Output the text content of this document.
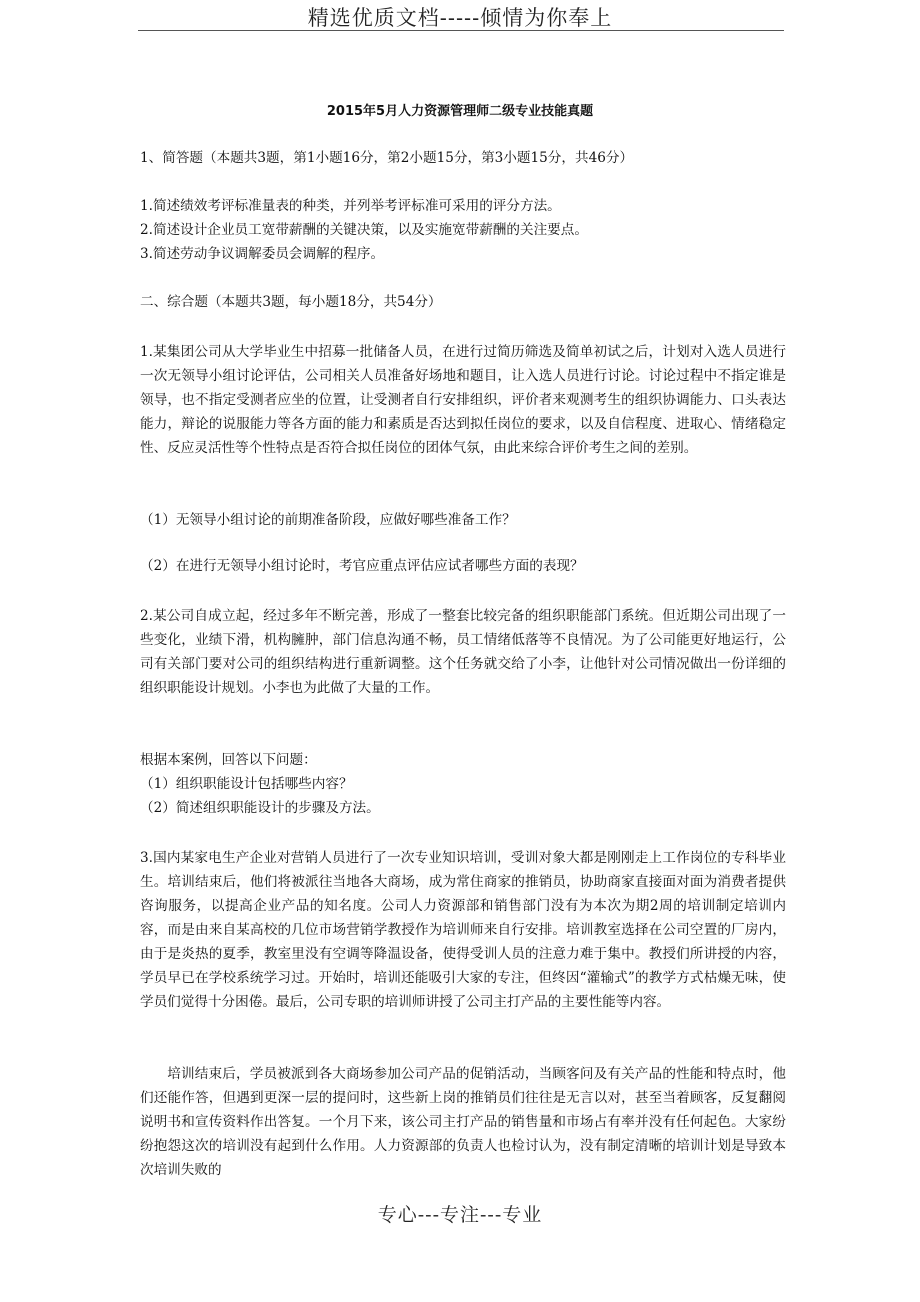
精选优质文档-----倾情为你奉上
2015年5月人力资源管理师二级专业技能真题

1、简答题（本题共3题，第1小题16分，第2小题15分，第3小题15分，共46分）

1.简述绩效考评标准量表的种类，并列举考评标准可采用的评分方法。

2.简述设计企业员工宽带薪酬的关键决策，以及实施宽带薪酬的关注要点。

3.简述劳动争议调解委员会调解的程序。

二、综合题（本题共3题，每小题18分，共54分）

1.某集团公司从大学毕业生中招募一批储备人员，在进行过简历筛选及简单初试之后，计划对入选人员进行一次无领导小组讨论评估，公司相关人员准备好场地和题目，让入选人员进行讨论。讨论过程中不指定谁是领导，也不指定受测者应坐的位置，让受测者自行安排组织，评价者来观测考生的组织协调能力、口头表达能力，辩论的说服能力等各方面的能力和素质是否达到拟任岗位的要求，以及自信程度、进取心、情绪稳定性、反应灵活性等个性特点是否符合拟任岗位的团体气氛，由此来综合评价考生之间的差别。

（1）无领导小组讨论的前期准备阶段，应做好哪些准备工作？

（2）在进行无领导小组讨论时，考官应重点评估应试者哪些方面的表现？

2.某公司自成立起，经过多年不断完善，形成了一整套比较完备的组织职能部门系统。但近期公司出现了一些变化，业绩下滑，机构臃肿，部门信息沟通不畅，员工情绪低落等不良情况。为了公司能更好地运行，公司有关部门要对公司的组织结构进行重新调整。这个任务就交给了小李，让他针对公司情况做出一份详细的组织职能设计规划。小李也为此做了大量的工作。

根据本案例，回答以下问题：

（1）组织职能设计包括哪些内容？

（2）简述组织职能设计的步骤及方法。

3.国内某家电生产企业对营销人员进行了一次专业知识培训，受训对象大都是刚刚走上工作岗位的专科毕业生。培训结束后，他们将被派往当地各大商场，成为常住商家的推销员，协助商家直接面对面为消费者提供咨询服务，以提高企业产品的知名度。公司人力资源部和销售部门没有为本次为期2周的培训制定培训内容，而是由来自某高校的几位市场营销学教授作为培训师来自行安排。培训教室选择在公司空置的厂房内，由于是炎热的夏季，教室里没有空调等降温设备，使得受训人员的注意力难于集中。教授们所讲授的内容，学员早已在学校系统学习过。开始时，培训还能吸引大家的专注，但终因“灌输式”的教学方式枯燥无味，使学员们觉得十分困倦。最后，公司专职的培训师讲授了公司主打产品的主要性能等内容。

培训结束后，学员被派到各大商场参加公司产品的促销活动，当顾客问及有关产品的性能和特点时，他们还能作答，但遇到更深一层的提问时，这些新上岗的推销员们往往是无言以对，甚至当着顾客，反复翻阅说明书和宣传资料作出答复。一个月下来，该公司主打产品的销售量和市场占有率并没有任何起色。大家纷纷抱怨这次的培训没有起到什么作用。人力资源部的负责人也检讨认为，没有制定清晰的培训计划是导致本次培训失败的

专心---专注---专业
